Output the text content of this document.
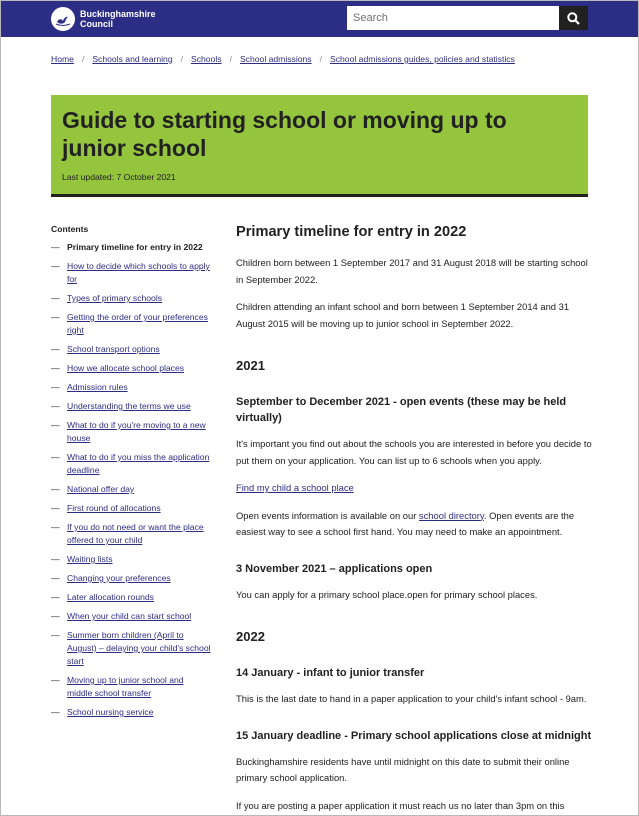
Buckinghamshire
Council
Search
Home / Schools and learning / Schools / School admissions / School admissions guides, policies and statistics
Guide to starting school or moving up to junior school
Last updated: 7 October 2021
Contents
— Primary timeline for entry in 2022
— How to decide which schools to apply for
— Types of primary schools
— Getting the order of your preferences right
— School transport options
— How we allocate school places
— Admission rules
— Understanding the terms we use
— What to do if you're moving to a new house
— What to do if you miss the application deadline
— National offer day
— First round of allocations
— If you do not need or want the place offered to your child
— Waiting lists
— Changing your preferences
— Later allocation rounds
— When your child can start school
— Summer born children (April to August) – delaying your child's school start
— Moving up to junior school and middle school transfer
— School nursing service
Primary timeline for entry in 2022

Children born between 1 September 2017 and 31 August 2018 will be starting school in September 2022.

Children attending an infant school and born between 1 September 2014 and 31 August 2015 will be moving up to junior school in September 2022.

2021
September to December 2021 - open events (these may be held virtually)

It's important you find out about the schools you are interested in before you decide to put them on your application. You can list up to 6 schools when you apply.

Find my child a school place

Open events information is available on our school directory. Open events are the easiest way to see a school first hand. You may need to make an appointment.

3 November 2021 – applications open

You can apply for a primary school place.open for primary school places.

2022
14 January - infant to junior transfer

This is the last date to hand in a paper application to your child's infant school - 9am.

15 January deadline - Primary school applications close at midnight

Buckinghamshire residents have until midnight on this date to submit their online primary school application.

If you are posting a paper application it must reach us no later than 3pm on this
